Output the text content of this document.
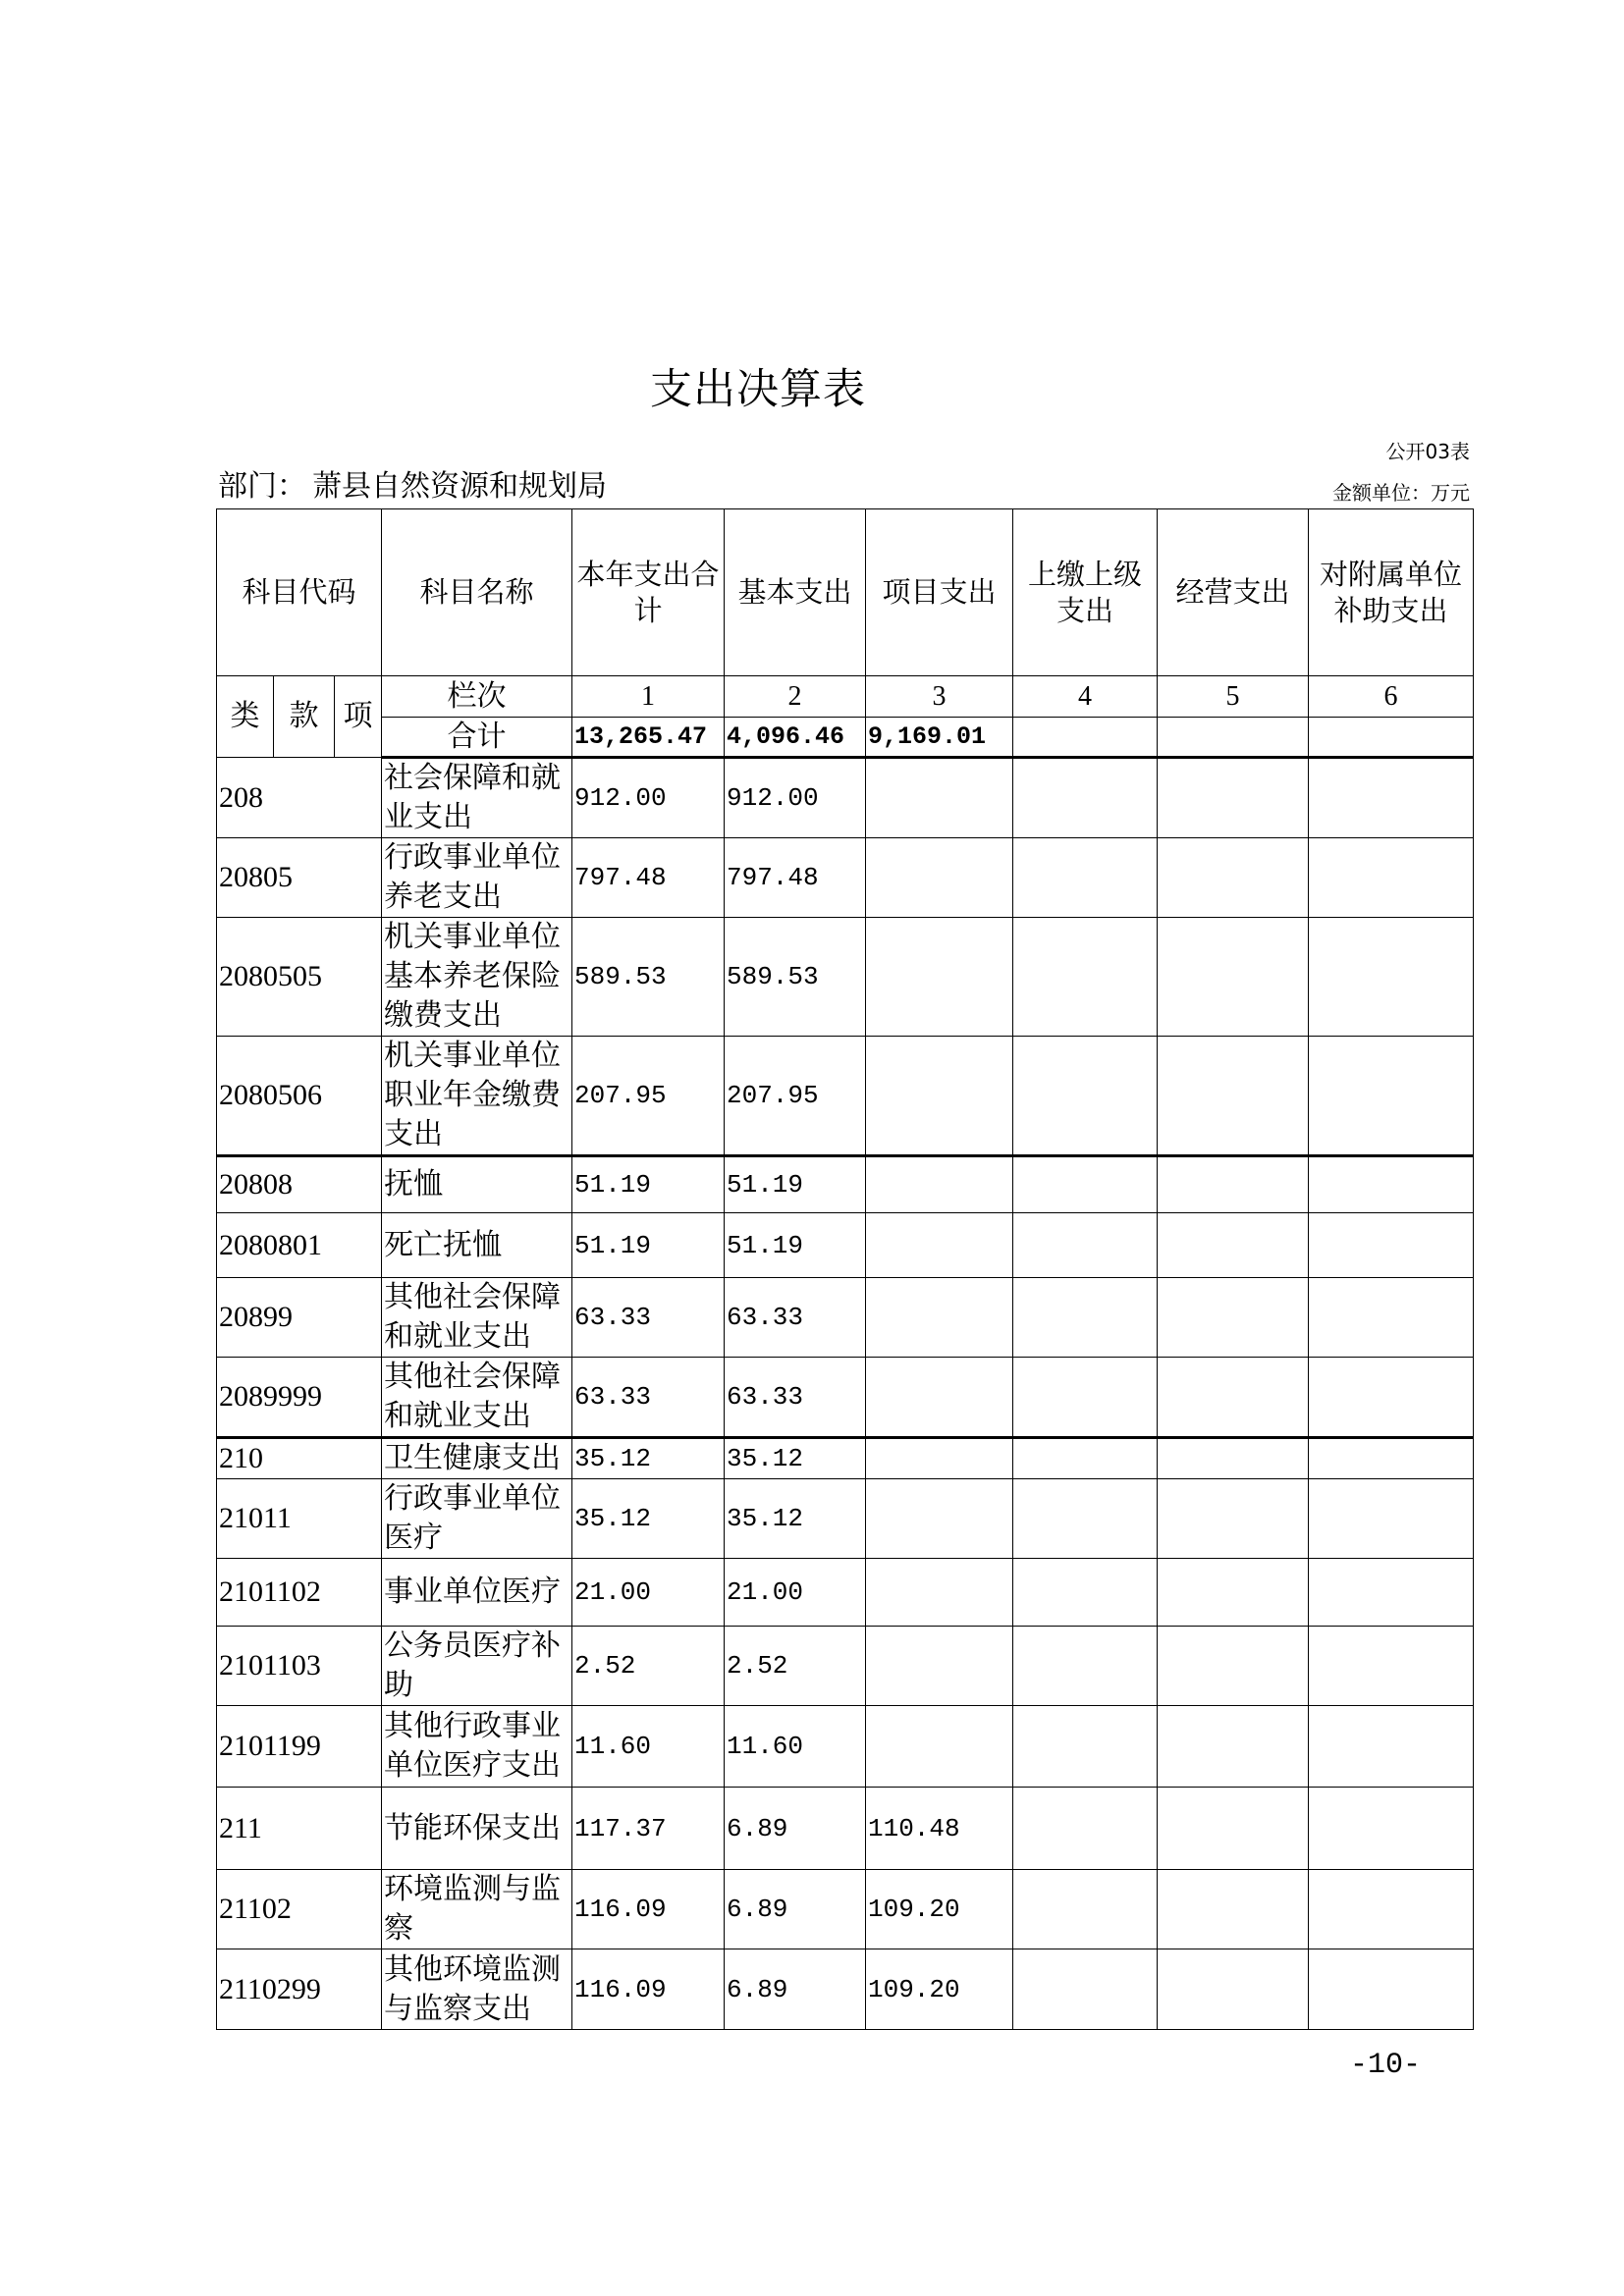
支出决算表
公开03表
部门： 萧县自然资源和规划局	金额单位：万元
科目代码			科目名称	本年支出合计	基本支出	项目支出	上缴上级支出	经营支出	对附属单位补助支出
类	款	项	栏次	1	2	3	4	5	6
			合计	13,265.47	4,096.46	9,169.01			
208			社会保障和就业支出	912.00	912.00				
20805			行政事业单位养老支出	797.48	797.48				
2080505			机关事业单位基本养老保险缴费支出	589.53	589.53				
2080506			机关事业单位职业年金缴费支出	207.95	207.95				
20808			抚恤	51.19	51.19				
2080801			死亡抚恤	51.19	51.19				
20899			其他社会保障和就业支出	63.33	63.33				
2089999			其他社会保障和就业支出	63.33	63.33				
210			卫生健康支出	35.12	35.12				
21011			行政事业单位医疗	35.12	35.12				
2101102			事业单位医疗	21.00	21.00				
2101103			公务员医疗补助	2.52	2.52				
2101199			其他行政事业单位医疗支出	11.60	11.60				
211			节能环保支出	117.37	6.89	110.48			
21102			环境监测与监察	116.09	6.89	109.20			
2110299			其他环境监测与监察支出	116.09	6.89	109.20			
-10-
